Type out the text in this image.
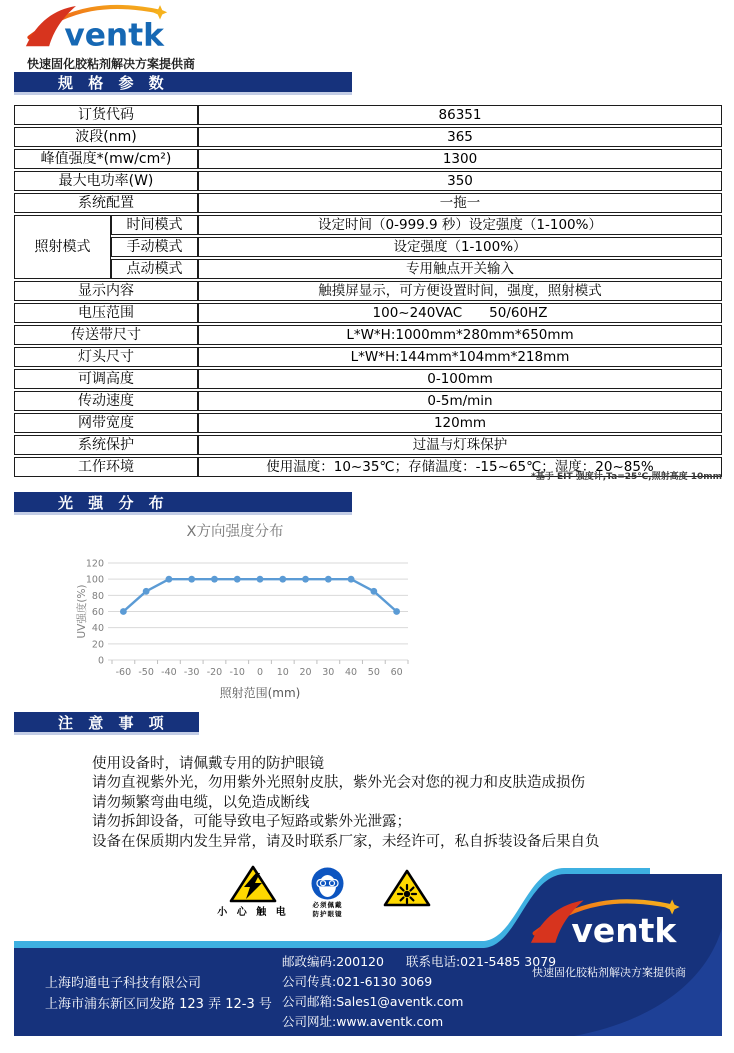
ventk
快速固化胶粘剂解决方案提供商
规 格 参 数
订货代码		86351
波段(nm)		365
峰值强度*(mw/cm²)		1300
最大电功率(W)		350
系统配置		一拖一
照射模式	时间模式	设定时间（0-999.9 秒）设定强度（1-100%）
	手动模式	设定强度（1-100%）
	点动模式	专用触点开关输入
显示内容		触摸屏显示，可方便设置时间，强度，照射模式
电压范围		100~240VAC　　50/60HZ
传送带尺寸		L*W*H:1000mm*280mm*650mm
灯头尺寸		L*W*H:144mm*104mm*218mm
可调高度		0-100mm
传动速度		0-5m/min
网带宽度		120mm
系统保护		过温与灯珠保护
工作环境		使用温度：10~35℃；存储温度：-15~65℃；湿度：20~85%
*基于 EIT 强度计,Ta=25℃,照射高度 10mm
光 强 分 布
0
20
40
60
80
100
120
-60 -50 -40 -30 -20 -10 0 10 20 30 40 50 60
X方向强度分布
UV强度(%)
照射范围(mm)
注 意 事 项
使用设备时，请佩戴专用的防护眼镜
请勿直视紫外光，勿用紫外光照射皮肤，紫外光会对您的视力和皮肤造成损伤
请勿频繁弯曲电缆，以免造成断线
请勿拆卸设备，可能导致电子短路或紫外光泄露；
设备在保质期内发生异常，请及时联系厂家，未经许可，私自拆装设备后果自负
小 心 触 电
必须佩戴
防护眼镜
上海昀通电子科技有限公司
上海市浦东新区同发路 123 弄 12-3 号
邮政编码:200120 联系电话:021-5485 3079
公司传真:021-6130 3069
公司邮箱:Sales1@aventk.com
公司网址:www.aventk.com
ventk
快速固化胶粘剂解决方案提供商
